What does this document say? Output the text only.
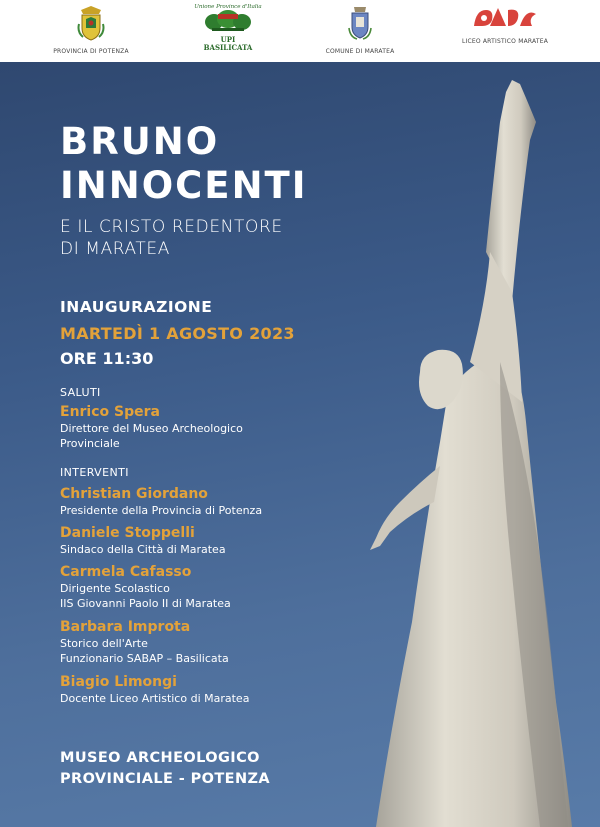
PROVINCIA DI POTENZA
Unione Province d'Italia
UPI
BASILICATA	COMUNE DI MARATEA
LICEO ARTISTICO MARATEA
BRUNO
INNOCENTI
E IL CRISTO REDENTORE
DI MARATEA
INAUGURAZIONE
MARTEDÌ 1 AGOSTO 2023
ORE 11:30
SALUTI
Enrico Spera
Direttore del Museo Archeologico
Provinciale
INTERVENTI
Christian Giordano
Presidente della Provincia di Potenza
Daniele Stoppelli
Sindaco della Città di Maratea
Carmela Cafasso
Dirigente Scolastico
IIS Giovanni Paolo II di Maratea
Barbara Improta
Storico dell'Arte
Funzionario SABAP – Basilicata
Biagio Limongi
Docente Liceo Artistico di Maratea
MUSEO ARCHEOLOGICO
PROVINCIALE - POTENZA
